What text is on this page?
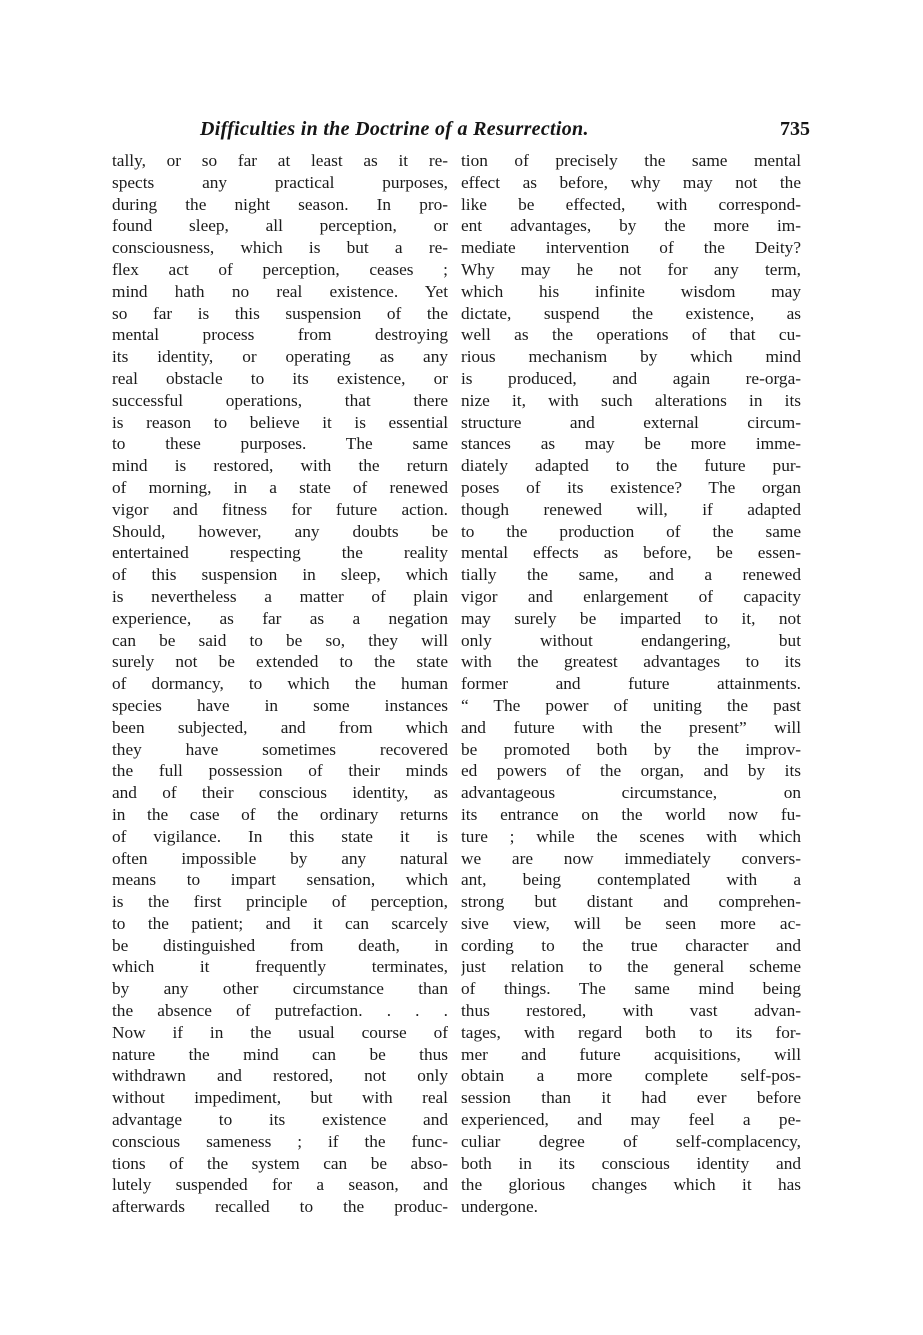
Difficulties in the Doctrine of a Resurrection.	735
tally, or so far at least as it re-
spects any practical purposes,
during the night season. In pro-
found sleep, all perception, or
consciousness, which is but a re-
flex act of perception, ceases ;
mind hath no real existence. Yet
so far is this suspension of the
mental process from destroying
its identity, or operating as any
real obstacle to its existence, or
successful operations, that there
is reason to believe it is essential
to these purposes. The same
mind is restored, with the return
of morning, in a state of renewed
vigor and fitness for future action.
Should, however, any doubts be
entertained respecting the reality
of this suspension in sleep, which
is nevertheless a matter of plain
experience, as far as a negation
can be said to be so, they will
surely not be extended to the state
of dormancy, to which the human
species have in some instances
been subjected, and from which
they have sometimes recovered
the full possession of their minds
and of their conscious identity, as
in the case of the ordinary returns
of vigilance. In this state it is
often impossible by any natural
means to impart sensation, which
is the first principle of perception,
to the patient; and it can scarcely
be distinguished from death, in
which it frequently terminates,
by any other circumstance than
the absence of putrefaction. . . .
Now if in the usual course of
nature the mind can be thus
withdrawn and restored, not only
without impediment, but with real
advantage to its existence and
conscious sameness ; if the func-
tions of the system can be abso-
lutely suspended for a season, and
afterwards recalled to the produc-
tion of precisely the same mental
effect as before, why may not the
like be effected, with correspond-
ent advantages, by the more im-
mediate intervention of the Deity?
Why may he not for any term,
which his infinite wisdom may
dictate, suspend the existence, as
well as the operations of that cu-
rious mechanism by which mind
is produced, and again re-orga-
nize it, with such alterations in its
structure and external circum-
stances as may be more imme-
diately adapted to the future pur-
poses of its existence? The organ
though renewed will, if adapted
to the production of the same
mental effects as before, be essen-
tially the same, and a renewed
vigor and enlargement of capacity
may surely be imparted to it, not
only without endangering, but
with the greatest advantages to its
former and future attainments.
“ The power of uniting the past
and future with the present” will
be promoted both by the improv-
ed powers of the organ, and by its
advantageous circumstance, on
its entrance on the world now fu-
ture ; while the scenes with which
we are now immediately convers-
ant, being contemplated with a
strong but distant and comprehen-
sive view, will be seen more ac-
cording to the true character and
just relation to the general scheme
of things. The same mind being
thus restored, with vast advan-
tages, with regard both to its for-
mer and future acquisitions, will
obtain a more complete self-pos-
session than it had ever before
experienced, and may feel a pe-
culiar degree of self-complacency,
both in its conscious identity and
the glorious changes which it has
undergone.
